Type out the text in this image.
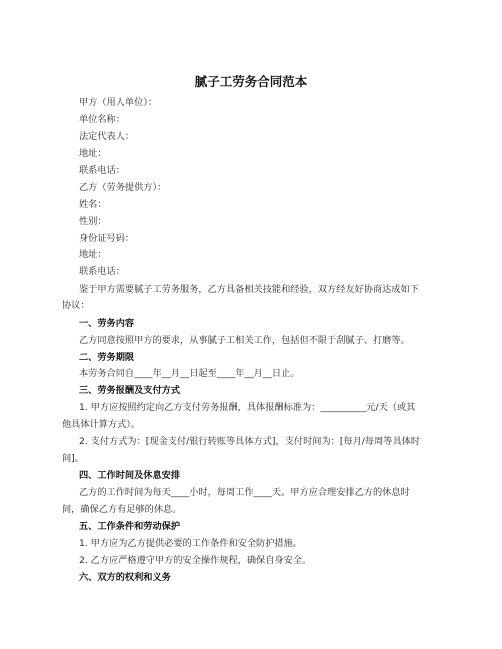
腻子工劳务合同范本
甲方（用人单位）：
单位名称：
法定代表人：
地址：
联系电话：
乙方（劳务提供方）：
姓名：
性别：
身份证号码：
地址：
联系电话：
鉴于甲方需要腻子工劳务服务，乙方具备相关技能和经验，双方经友好协商达成如下
协议：
一、劳务内容
乙方同意按照甲方的要求，从事腻子工相关工作，包括但不限于刮腻子、打磨等。
二、劳务期限
本劳务合同自____年__月__日起至____年__月__日止。
三、劳务报酬及支付方式
1. 甲方应按照约定向乙方支付劳务报酬，具体报酬标准为：__________元/天（或其
他具体计算方式）。
2. 支付方式为：[现金支付/银行转账等具体方式]，支付时间为：[每月/每周等具体时
间]。
四、工作时间及休息安排
乙方的工作时间为每天____小时，每周工作____天。甲方应合理安排乙方的休息时
间，确保乙方有足够的休息。
五、工作条件和劳动保护
1. 甲方应为乙方提供必要的工作条件和安全防护措施。
2. 乙方应严格遵守甲方的安全操作规程，确保自身安全。
六、双方的权利和义务
